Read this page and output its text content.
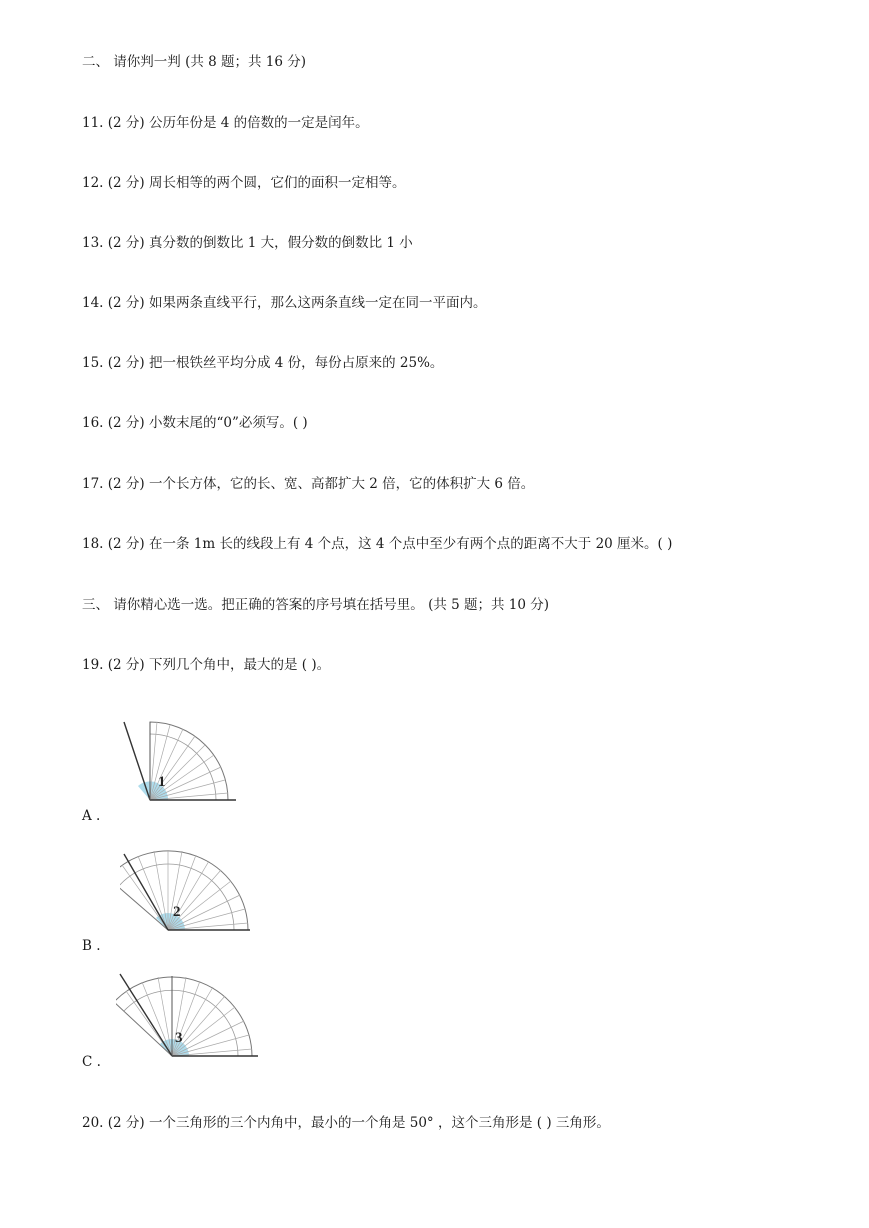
二、 请你判一判 (共 8 题；共 16 分)
11. (2 分) 公历年份是 4 的倍数的一定是闰年。
12. (2 分) 周长相等的两个圆，它们的面积一定相等。
13. (2 分) 真分数的倒数比 1 大，假分数的倒数比 1 小
14. (2 分) 如果两条直线平行，那么这两条直线一定在同一平面内。
15. (2 分) 把一根铁丝平均分成 4 份，每份占原来的 25%。
16. (2 分) 小数末尾的“0”必须写。( )
17. (2 分) 一个长方体，它的长、宽、高都扩大 2 倍，它的体积扩大 6 倍。
18. (2 分) 在一条 1m 长的线段上有 4 个点，这 4 个点中至少有两个点的距离不大于 20 厘米。( )
三、 请你精心选一选。把正确的答案的序号填在括号里。 (共 5 题；共 10 分)
19. (2 分) 下列几个角中，最大的是 ( )。
1
A .
2
B .
3
C .
20. (2 分) 一个三角形的三个内角中，最小的一个角是 50° ，这个三角形是 ( ) 三角形。
